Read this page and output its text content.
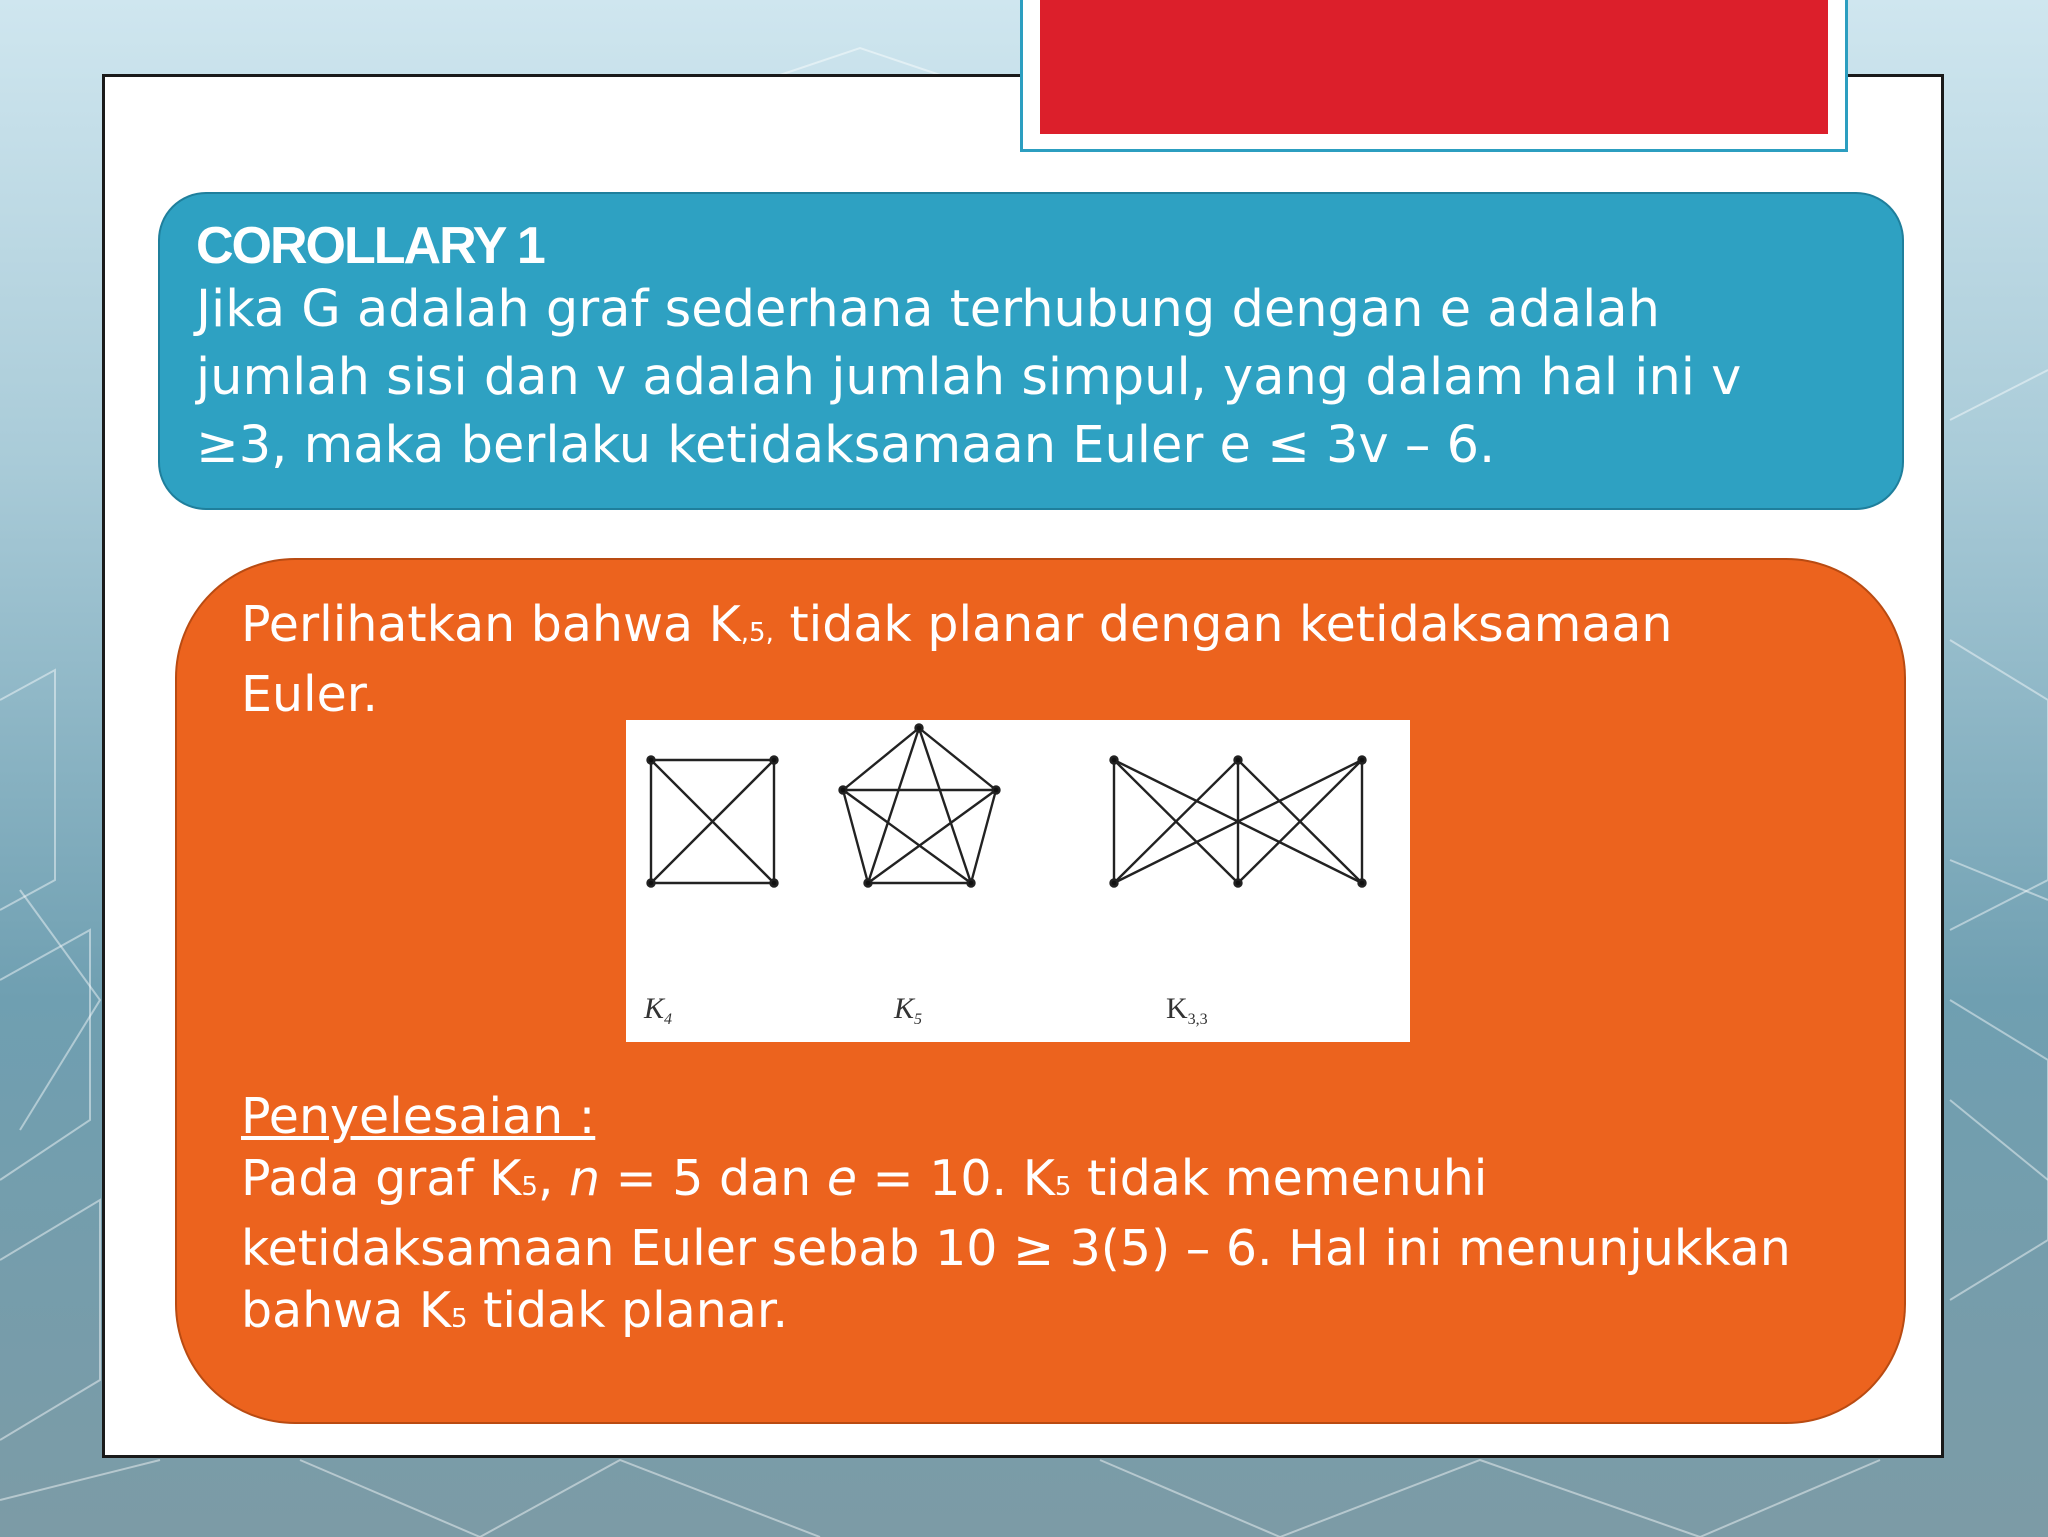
COROLLARY 1
Jika G adalah graf sederhana terhubung dengan e adalah
jumlah sisi dan v adalah jumlah simpul, yang dalam hal ini v
≥3, maka berlaku ketidaksamaan Euler e ≤ 3v – 6.
Perlihatkan bahwa K,5, tidak planar dengan ketidaksamaan
Euler.
$K_4$	$K_5$	$K_{3,3}$
Penyelesaian :
Pada graf K5, n = 5 dan e = 10. K5 tidak memenuhi
ketidaksamaan Euler sebab 10 ≥ 3(5) – 6. Hal ini menunjukkan
bahwa K5 tidak planar.
